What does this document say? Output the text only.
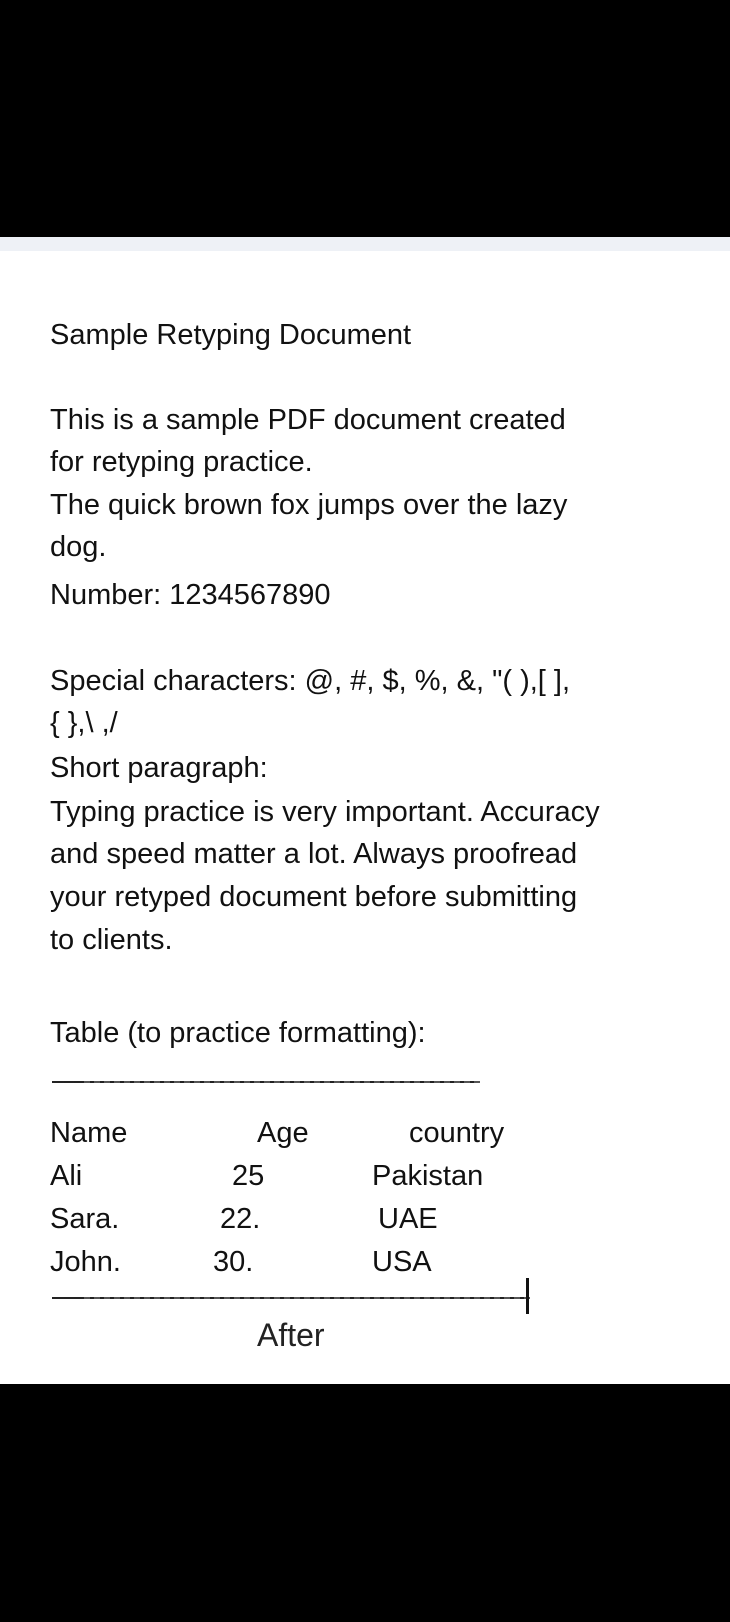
Sample Retyping Document
This is a sample PDF document created
for retyping practice.
The quick brown fox jumps over the lazy
dog.
Number: 1234567890
Special characters: @, #, $, %, &, "( ),[ ],
{ },\ ,/
Short paragraph:
Typing practice is very important. Accuracy
and speed matter a lot. Always proofread
your retyped document before submitting
to clients.
Table (to practice formatting):
Name	Age	country
Ali	25	Pakistan
Sara.	22.	UAE
John.	30.	USA
After
